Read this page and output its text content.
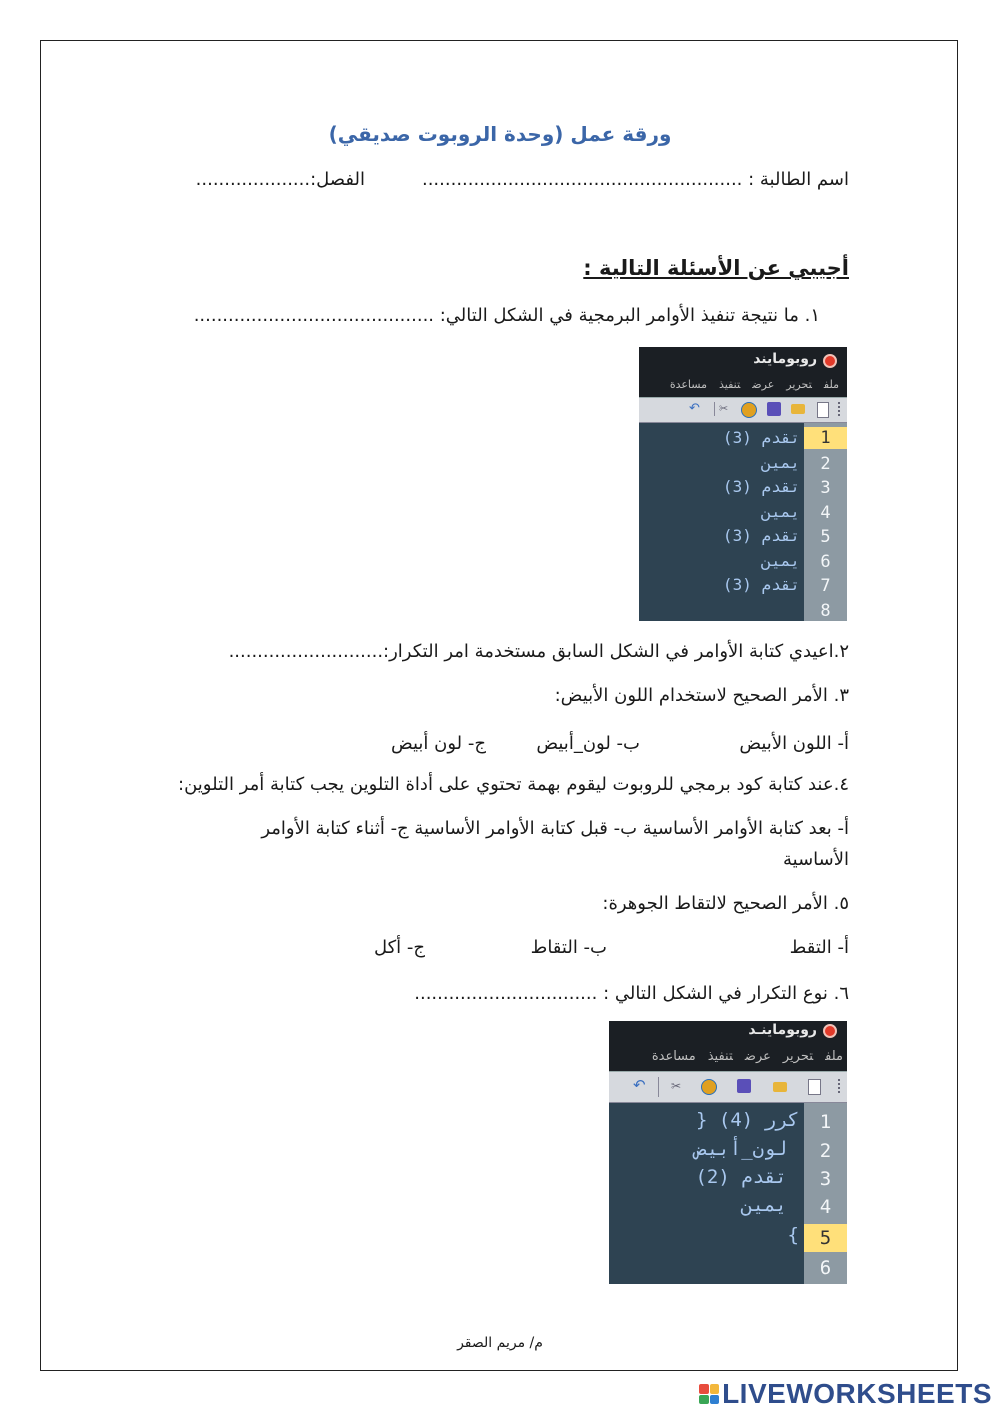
ورقة عمل (وحدة الروبوت صديقي)
اسم الطالبة : ........................................................
الفصل:....................
أجيبي عن الأسئلة التالية :
١. ما نتيجة تنفيذ الأوامر البرمجية في الشكل التالي: ..........................................
روبومايند
ملفتحريرعرضتنفيذمساعدة
✂
↶
1
2
3
4
5
6
7
8
تقدم (3)
يمين
تقدم (3)
يمين
تقدم (3)
يمين
تقدم (3)
٢.اعيدي كتابة الأوامر في الشكل السابق مستخدمة امر التكرار:...........................
٣. الأمر الصحيح لاستخدام اللون الأبيض:
أ- اللون الأبيض
ب- لون_أبيض
ج- لون أبيض
٤.عند كتابة كود برمجي للروبوت ليقوم بهمة تحتوي على أداة التلوين يجب كتابة أمر التلوين:
أ- بعد كتابة الأوامر الأساسية ب- قبل كتابة الأوامر الأساسية ج- أثناء كتابة الأوامر
الأساسية
٥. الأمر الصحيح لالتقاط الجوهرة:
أ- التقط
ب- التقاط
ج- أكل
٦. نوع التكرار في الشكل التالي : ................................
روبوماينـد
ملفتحريرعرضتنفيذمساعدة
✂
↶
1
2
3
4
5
6
كرر (4) {
لون_أبيض
تقدم (2)
يمين
}
م/ مريم الصقر
LIVEWORKSHEETS
